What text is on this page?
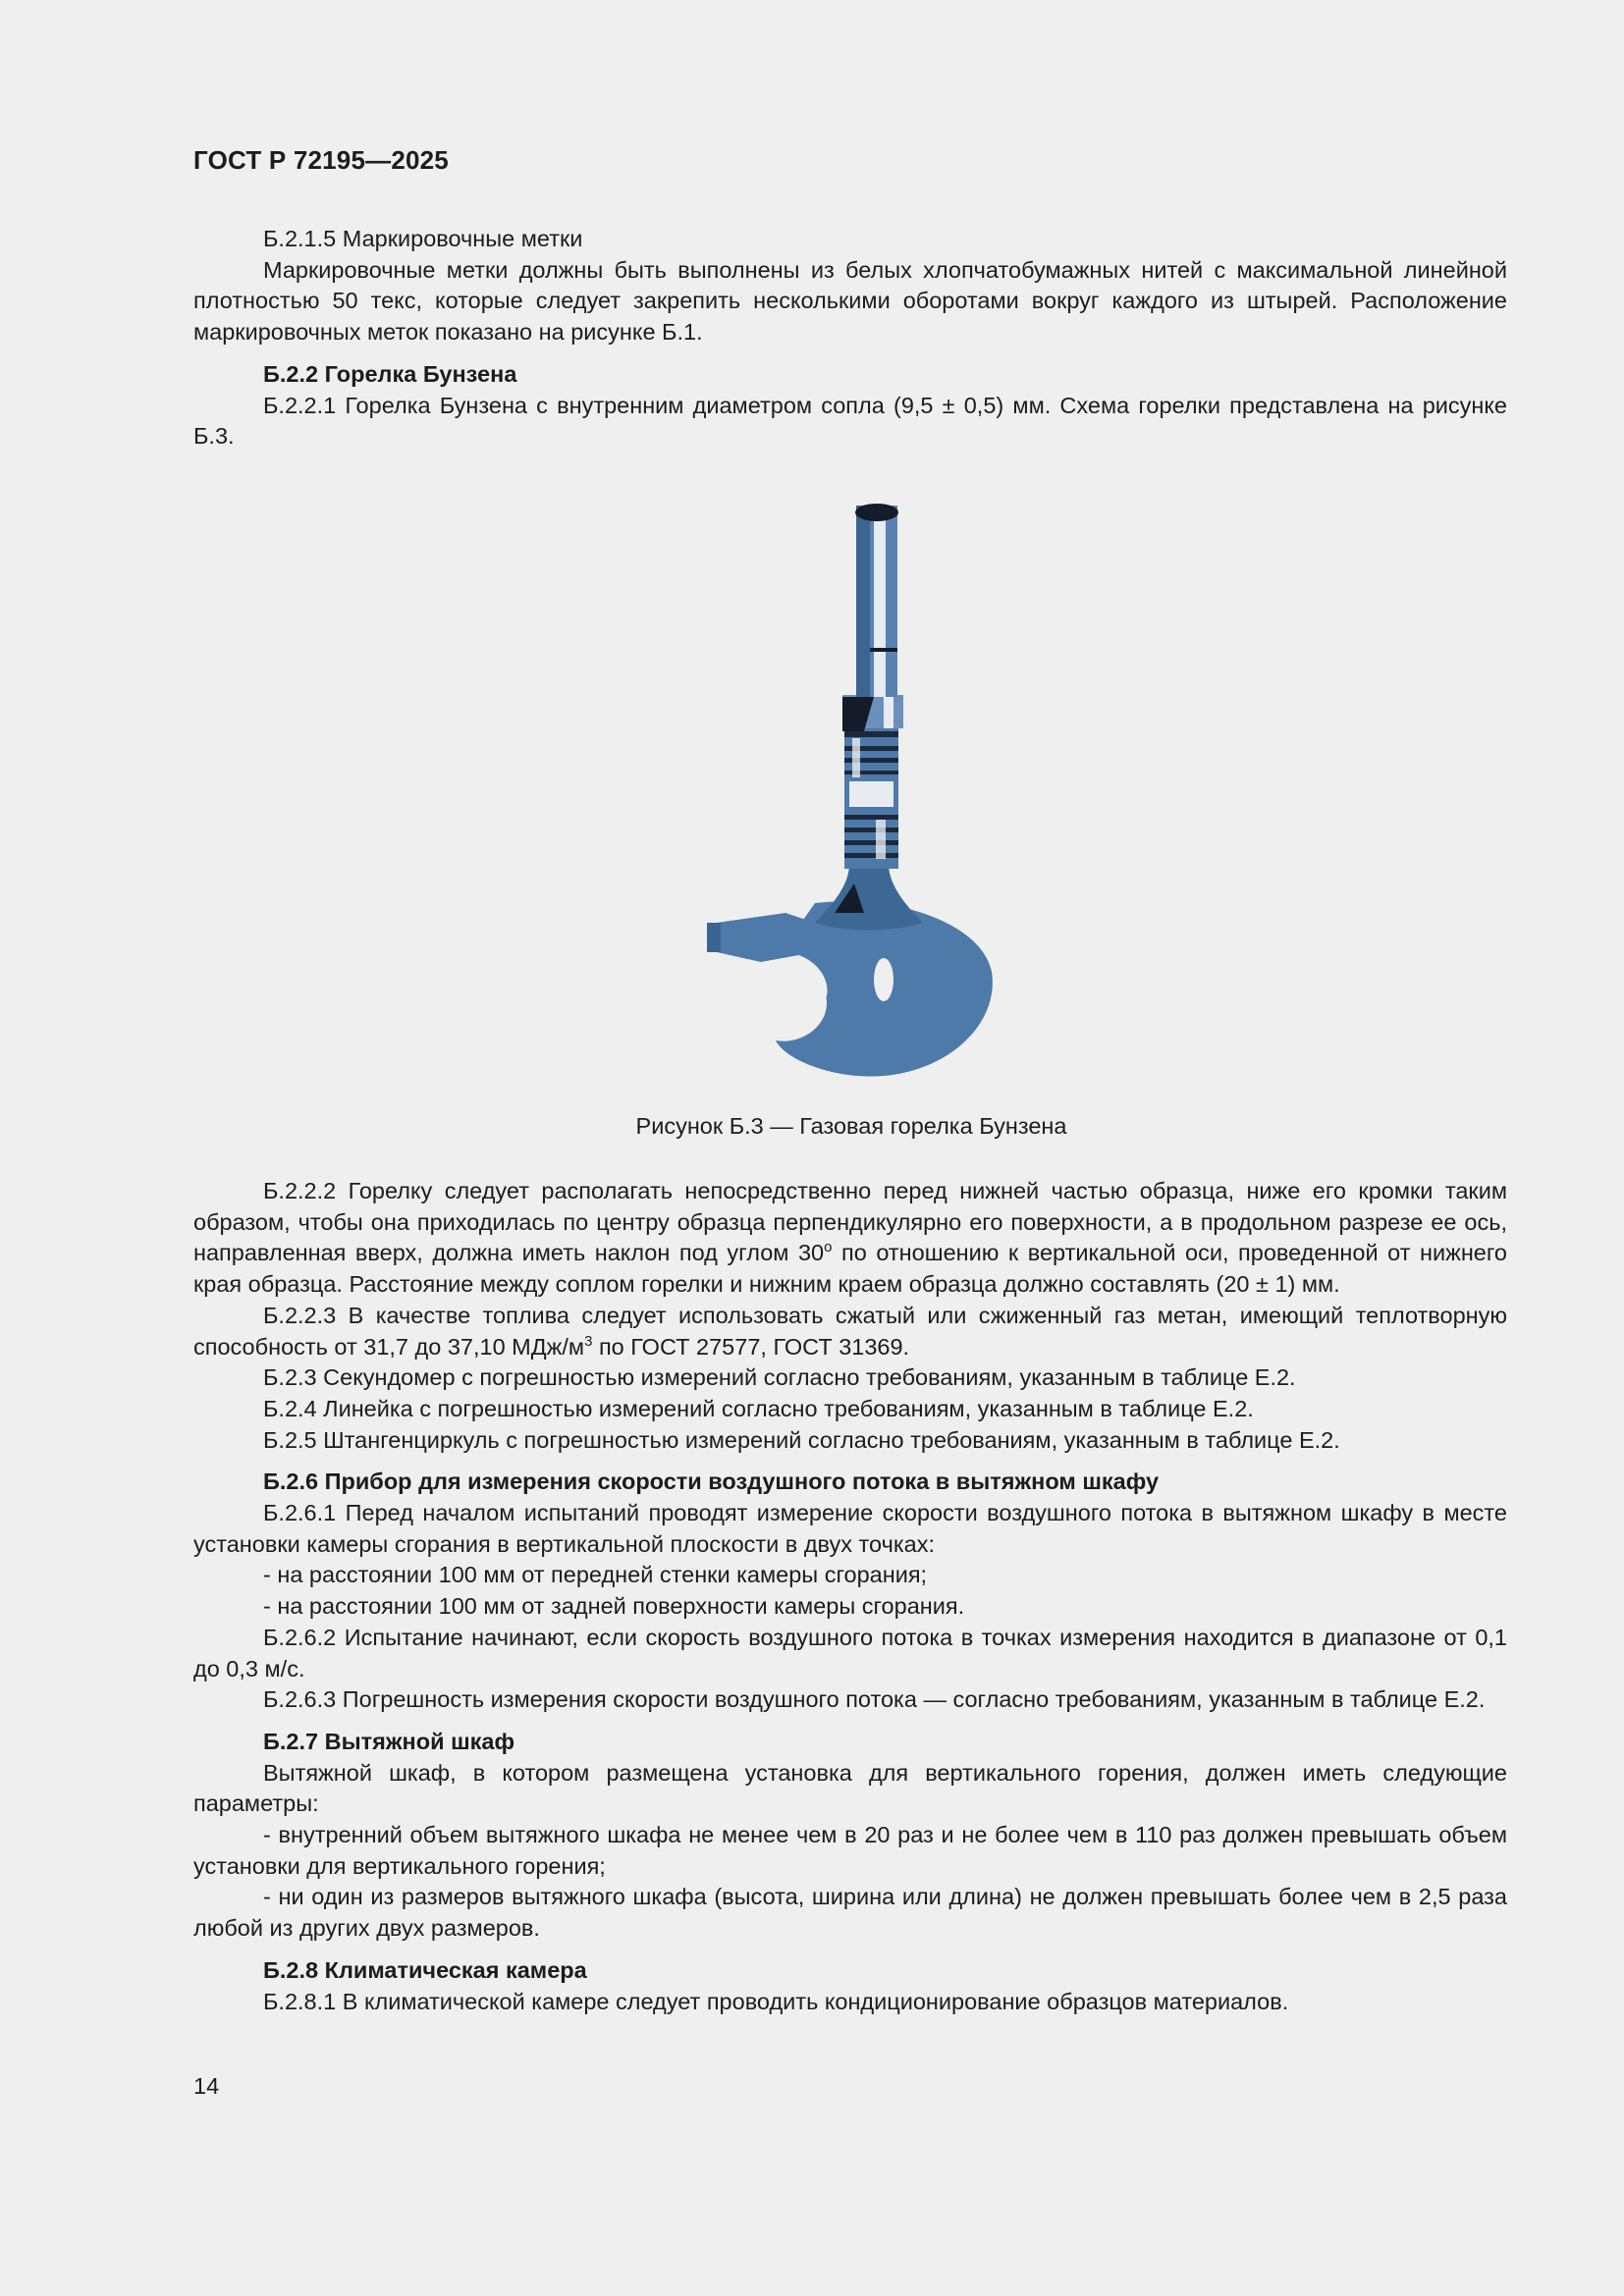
ГОСТ Р 72195—2025

Б.2.1.5 Маркировочные метки

Маркировочные метки должны быть выполнены из белых хлопчатобумажных нитей с максимальной линейной плотностью 50 текс, которые следует закрепить несколькими оборотами вокруг каждого из штырей. Расположение маркировочных меток показано на рисунке Б.1.

Б.2.2 Горелка Бунзена

Б.2.2.1 Горелка Бунзена с внутренним диаметром сопла (9,5 ± 0,5) мм. Схема горелки представлена на рисунке Б.3.

Рисунок Б.3 — Газовая горелка Бунзена

Б.2.2.2 Горелку следует располагать непосредственно перед нижней частью образца, ниже его кромки таким образом, чтобы она приходилась по центру образца перпендикулярно его поверхности, а в продольном разрезе ее ось, направленная вверх, должна иметь наклон под углом $30^о$ по отношению к вертикальной оси, проведенной от нижнего края образца. Расстояние между соплом горелки и нижним краем образца должно составлять (20 ± 1) мм.

Б.2.2.3 В качестве топлива следует использовать сжатый или сжиженный газ метан, имеющий теплотворную способность от 31,7 до 37,10 МДж/$м^3$ по ГОСТ 27577, ГОСТ 31369.

Б.2.3 Секундомер с погрешностью измерений согласно требованиям, указанным в таблице Е.2.

Б.2.4 Линейка с погрешностью измерений согласно требованиям, указанным в таблице Е.2.

Б.2.5 Штангенциркуль с погрешностью измерений согласно требованиям, указанным в таблице Е.2.

Б.2.6 Прибор для измерения скорости воздушного потока в вытяжном шкафу

Б.2.6.1 Перед началом испытаний проводят измерение скорости воздушного потока в вытяжном шкафу в месте установки камеры сгорания в вертикальной плоскости в двух точках:

- на расстоянии 100 мм от передней стенки камеры сгорания;

- на расстоянии 100 мм от задней поверхности камеры сгорания.

Б.2.6.2 Испытание начинают, если скорость воздушного потока в точках измерения находится в диапазоне от 0,1 до 0,3 м/с.

Б.2.6.3 Погрешность измерения скорости воздушного потока — согласно требованиям, указанным в таблице Е.2.

Б.2.7 Вытяжной шкаф

Вытяжной шкаф, в котором размещена установка для вертикального горения, должен иметь следующие параметры:

- внутренний объем вытяжного шкафа не менее чем в 20 раз и не более чем в 110 раз должен превышать объем установки для вертикального горения;

- ни один из размеров вытяжного шкафа (высота, ширина или длина) не должен превышать более чем в 2,5 раза любой из других двух размеров.

Б.2.8 Климатическая камера

Б.2.8.1 В климатической камере следует проводить кондиционирование образцов материалов.

14
